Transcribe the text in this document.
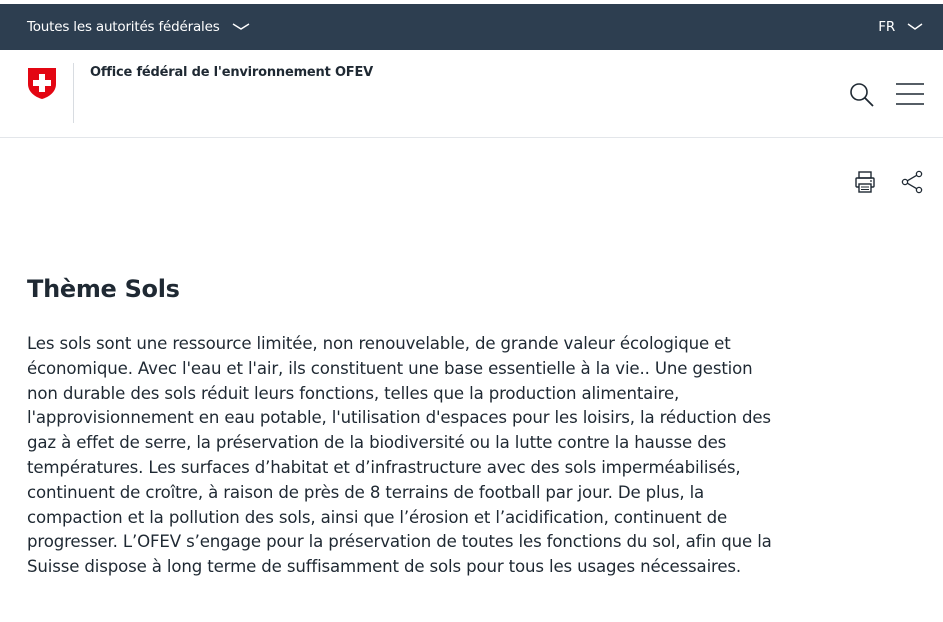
Toutes les autorités fédérales	FR
Office fédéral de l'environnement OFEV
Thème Sols

Les sols sont une ressource limitée, non renouvelable, de grande valeur écologique et économique. Avec l'eau et l'air, ils constituent une base essentielle à la vie.. Une gestion non durable des sols réduit leurs fonctions, telles que la production alimentaire, l'approvisionnement en eau potable, l'utilisation d'espaces pour les loisirs, la réduction des gaz à effet de serre, la préservation de la biodiversité ou la lutte contre la hausse des températures. Les surfaces d’habitat et d’infrastructure avec des sols imperméabilisés, continuent de croître, à raison de près de 8 terrains de football par jour. De plus, la compaction et la pollution des sols, ainsi que l’érosion et l’acidification, continuent de progresser. L’OFEV s’engage pour la préservation de toutes les fonctions du sol, afin que la Suisse dispose à long terme de suffisamment de sols pour tous les usages nécessaires.
